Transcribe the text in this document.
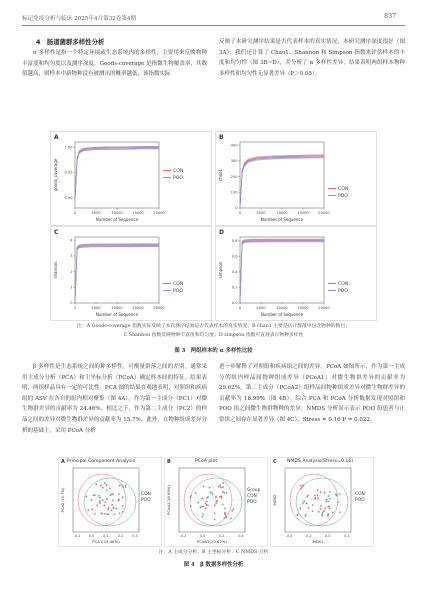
标记免疫分析与临床 2025年4月第32卷第4期	837
4　肠道菌群多样性分析

α 多样性是指一个特定环境或生态系统内的多样性，主要用来反映物种丰富度和均匀度以及测序深度。Goods-coverage 是指微生物覆盖率，其数值越高，则样本中新物种没有被测出的概率越低，该指数实际

反映了本研究测序结果是否代表样本的真实情况，本研究测序深度很好（图 3A）；我们还计算了 Chao1、Shannon 和 Simpson 指数来评估样本的丰度和均匀性（图 3B~D），并分析了 α 多样性差异，结果表明两组样本物种多样性和均匀性无显著差异（P＞0.05）。

0	5000	10000	15000	20000
0.90
0.95
1.00
Number of Sequence
goods_coverage
A
CON
POO
0	5000	10000	15000	20000
0
100
200
300
400
Number of Sequence
chao1
B
CON
POO
0	5000	10000	15000	20000
0
1
2
3
4
Number of Sequence
shannon
C
CON
POO
0	5000	10000	15000	20000
0.0
0.2
0.4
0.6
0.8
Number of Sequence
simpson
D
CON
POO
注：A Goods-coverage 指数实际反映了本次测序结果是否代表样本的真实情况；B chao1 主要是估计群落中包含物种的数目；
C Shannon 指数反映物种丰富度和均匀度；D simpson 指数可直观表示物种多样性
图 3　两组样本的 α 多样性比较

β 多样性是生态系统之间的种多样性，可衡量群落之间的差别。通常采用主成分分析（PCA）和主坐标分析（PCoA）确定样本间的特征。结果表明，两组样品具有一定的可比性。PCA 图的结果直观地表明，对照组和疾病组的 ASV 在各自的组内相对聚集（图 4A）。作为第一主成分（PC1）对微生物群差异的贡献率为 24.46%。相比之下，作为第二主成分（PC2）的样品之间的差异对微生物群差异的贡献率为 15.7%。此外，在物种组成差异分析的基础上，采用 PCoA 分析

进一步解释了对照组和疾病组之间的差异。PCoA 如图所示，作为第一主成分的组内样品间物种组成差异（PCoA1）对微生物群差异的贡献率为 29.62%。第二主成分（PCoA2）组样品间物种组成差异对微生物群差异的贡献率为 18.99%（图 4B）。综合 PCA 和 PCoA 分析数据发现对照组和 POO 组之间微生物群物种的差异。NMDS 分析显示表示 POO 组患者与正常组之间存在显著差异（图 4C）。Stress = 0.16 P = 0.022。

-0.1 0.0	0.1	0.2	0.3
PCA1(24.46%)
PCA2(15.7%)
A Principal Component Analysis
CON
POO
-0.2	0.0	0.2	0.4
PCoA1(29.62%)
PCoA2(18.99%)
B	PCoA plot
Group
CON
POO
-0.4	-0.2	0.0	0.2
MDS1
MDS2
C NMDS Analysis(Stress=0.16)
CON
POO
注：A 主成分分析；B 主坐标分析；C NMDS 分析
图 4　β 数据多样性分析
